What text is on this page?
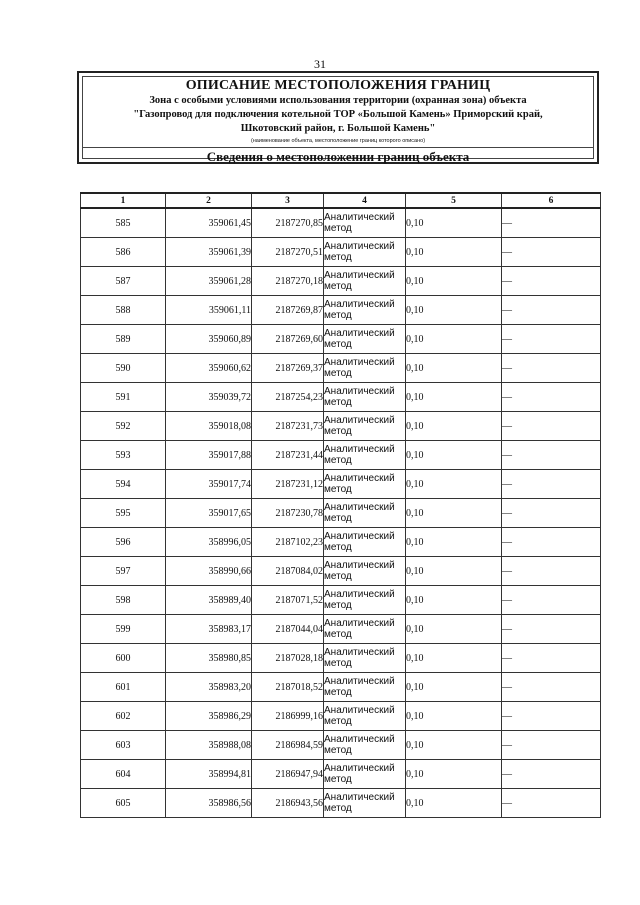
31
ОПИСАНИЕ МЕСТОПОЛОЖЕНИЯ ГРАНИЦ
Зона с особыми условиями использования территории (охранная зона) объекта
"Газопровод для подключения котельной ТОР «Большой Камень» Приморский край,
Шкотовский район, г. Большой Камень"
(наименование объекта, местоположение границ которого описано)
Сведения о местоположении границ объекта
1	2	3	4	5	6
585	359061,45	2187270,85	Аналитический метод	0,10	—
586	359061,39	2187270,51	Аналитический метод	0,10	—
587	359061,28	2187270,18	Аналитический метод	0,10	—
588	359061,11	2187269,87	Аналитический метод	0,10	—
589	359060,89	2187269,60	Аналитический метод	0,10	—
590	359060,62	2187269,37	Аналитический метод	0,10	—
591	359039,72	2187254,23	Аналитический метод	0,10	—
592	359018,08	2187231,73	Аналитический метод	0,10	—
593	359017,88	2187231,44	Аналитический метод	0,10	—
594	359017,74	2187231,12	Аналитический метод	0,10	—
595	359017,65	2187230,78	Аналитический метод	0,10	—
596	358996,05	2187102,23	Аналитический метод	0,10	—
597	358990,66	2187084,02	Аналитический метод	0,10	—
598	358989,40	2187071,52	Аналитический метод	0,10	—
599	358983,17	2187044,04	Аналитический метод	0,10	—
600	358980,85	2187028,18	Аналитический метод	0,10	—
601	358983,20	2187018,52	Аналитический метод	0,10	—
602	358986,29	2186999,16	Аналитический метод	0,10	—
603	358988,08	2186984,59	Аналитический метод	0,10	—
604	358994,81	2186947,94	Аналитический метод	0,10	—
605	358986,56	2186943,56	Аналитический метод	0,10	—
